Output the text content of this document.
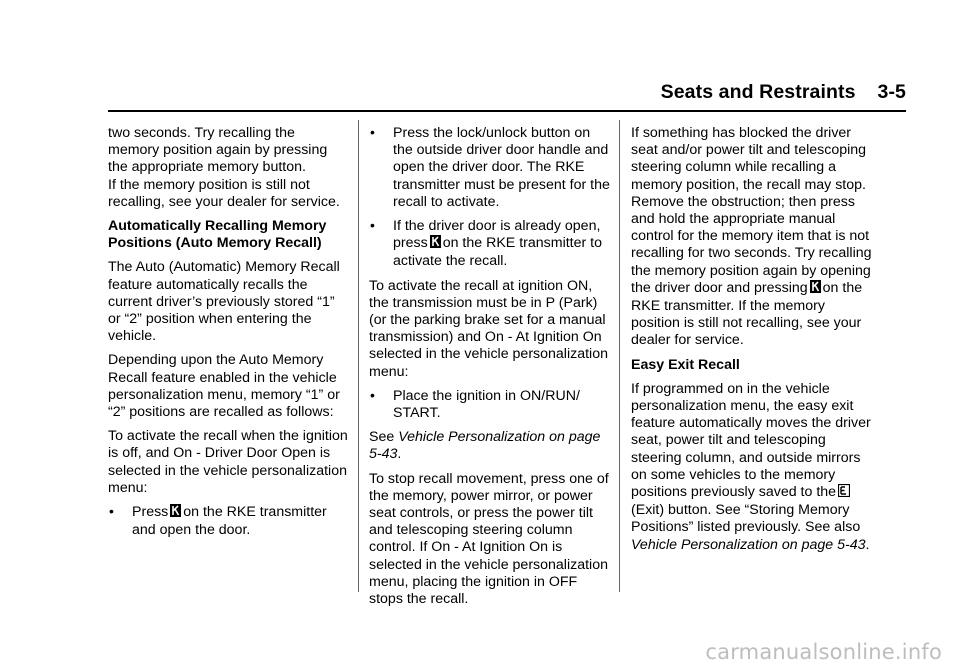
Seats and Restraints 3-5

two seconds. Try recalling the memory position again by pressing the appropriate memory button.

If the memory position is still not recalling, see your dealer for service.

Automatically Recalling Memory Positions (Auto Memory Recall)

The Auto (Automatic) Memory Recall feature automatically recalls the current driver’s previously stored “1” or “2” position when entering the vehicle.

Depending upon the Auto Memory Recall feature enabled in the vehicle personalization menu, memory “1” or “2” positions are recalled as follows:

To activate the recall when the ignition is off, and On - Driver Door Open is selected in the vehicle personalization menu:

• Press on the RKE transmitter and open the door.
• Press the lock/unlock button on the outside driver door handle and open the driver door. The RKE transmitter must be present for the recall to activate.
• If the driver door is already open, press on the RKE transmitter to activate the recall.

To activate the recall at ignition ON, the transmission must be in P (Park) (or the parking brake set for a manual transmission) and On - At Ignition On selected in the vehicle personalization menu:

• Place the ignition in ON/RUN/ START.

See Vehicle Personalization on page 5-43.

To stop recall movement, press one of the memory, power mirror, or power seat controls, or press the power tilt and telescoping steering column control. If On - At Ignition On is selected in the vehicle personalization menu, placing the ignition in OFF stops the recall.

If something has blocked the driver seat and/or power tilt and telescoping steering column while recalling a memory position, the recall may stop. Remove the obstruction; then press and hold the appropriate manual control for the memory item that is not recalling for two seconds. Try recalling the memory position again by opening the driver door and pressing on the RKE transmitter. If the memory position is still not recalling, see your dealer for service.

Easy Exit Recall

If programmed on in the vehicle personalization menu, the easy exit feature automatically moves the driver seat, power tilt and telescoping steering column, and outside mirrors on some vehicles to the memory positions previously saved to the(Exit) button. See “Storing Memory Positions” listed previously. See also Vehicle Personalization on page 5-43.

carmanualsonline.info
